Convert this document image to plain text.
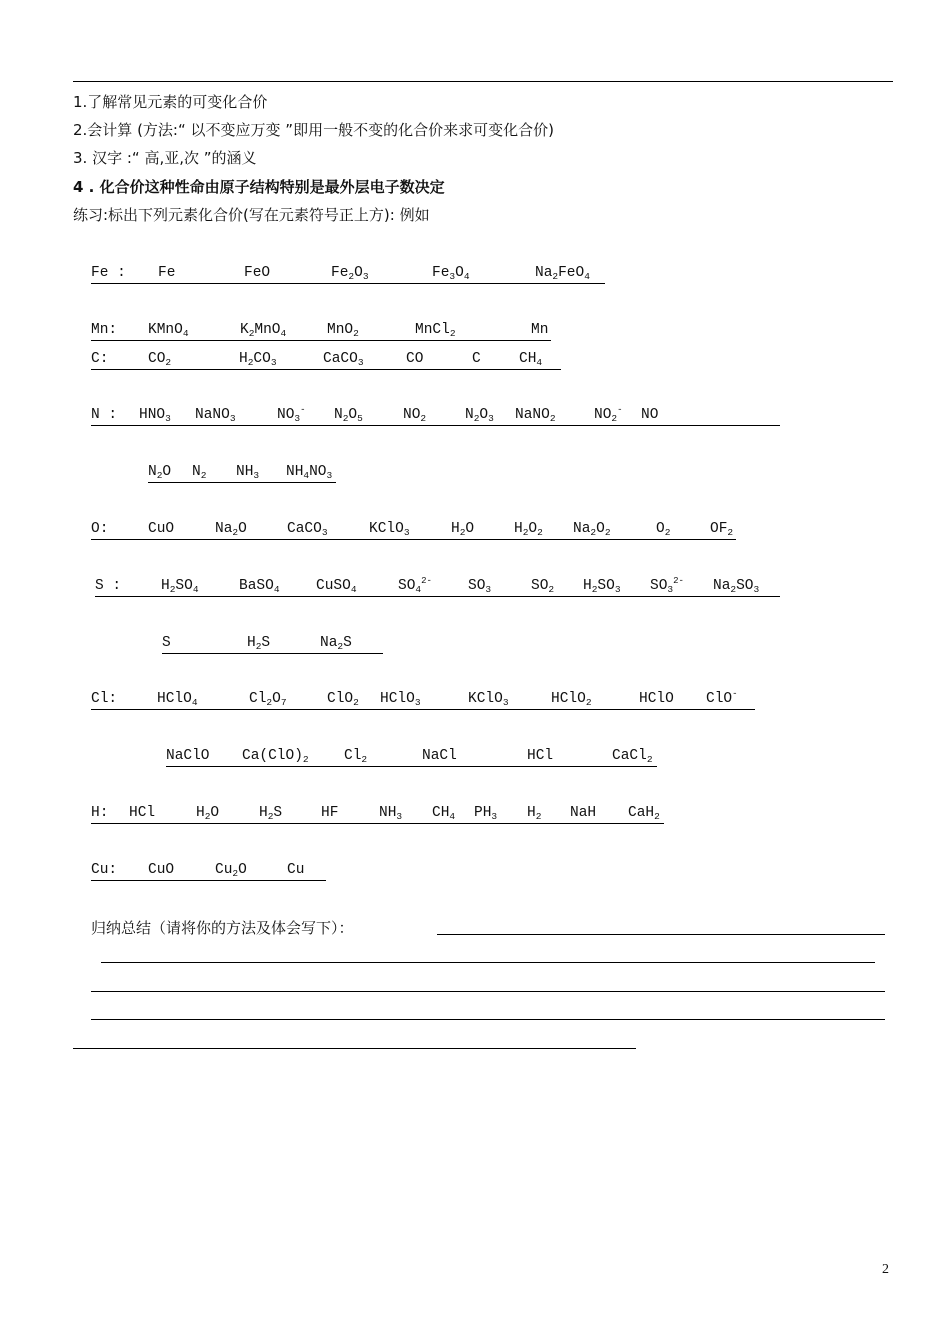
1.了解常见元素的可变化合价
2.会计算 (方法:“ 以不变应万变 ”即用一般不变的化合价来求可变化合价)
3. 汉字 :“ 高,亚,次 ”的涵义
4 . 化合价这种性命由原子结构特别是最外层电子数决定
练习:标出下列元素化合价(写在元素符号正上方): 例如
Fe : Fe	FeO	$Fe_2O_3$	$Fe_3O_4$	$Na_2FeO_4$
Mn: KMnO$_4$	$K_2MnO_4$	MnO$_2$	MnCl$_2$	Mn
C:	$CO_2$	$H_2CO_3$	CaCO$_3$	CO	C	$CH_4$
N : $HNO_3$ NaNO$_3$	$NO_3^-$ $N_2O_5$	$NO_2$	$N_2O_3$ NaNO$_2$	$NO_2^-$ NO
$N_2O$ $N_2$ $NH_3$ $NH_4NO_3$
O:	CuO	$Na_2O$	CaCO$_3$	KClO$_3$	$H_2O$	$H_2O_2$ $Na_2O_2$	$O_2$	$OF_2$
S :	$H_2SO_4$	BaSO$_4$	CuSO$_4$	$SO_4^{2-}$ $SO_3$	$SO_2$ $H_2SO_3$ $SO_3^{2-}$ $Na_2SO_3$
S	$H_2S$	$Na_2S$
Cl:	HClO$_4$	$Cl_2O_7$	ClO$_2$ HClO$_3$	KClO$_3$	HClO$_2$	HClO ClO-
NaClO $Ca(ClO)_2$ $Cl_2$	NaCl	HCl	CaCl$_2$
H: HCl	$H_2O$	$H_2S$	HF	$NH_3$ $CH_4$ $PH_3$ $H_2$ NaH CaH$_2$
Cu: CuO	$Cu_2O$	Cu
归纳总结（请将你的方法及体会写下）：
2
